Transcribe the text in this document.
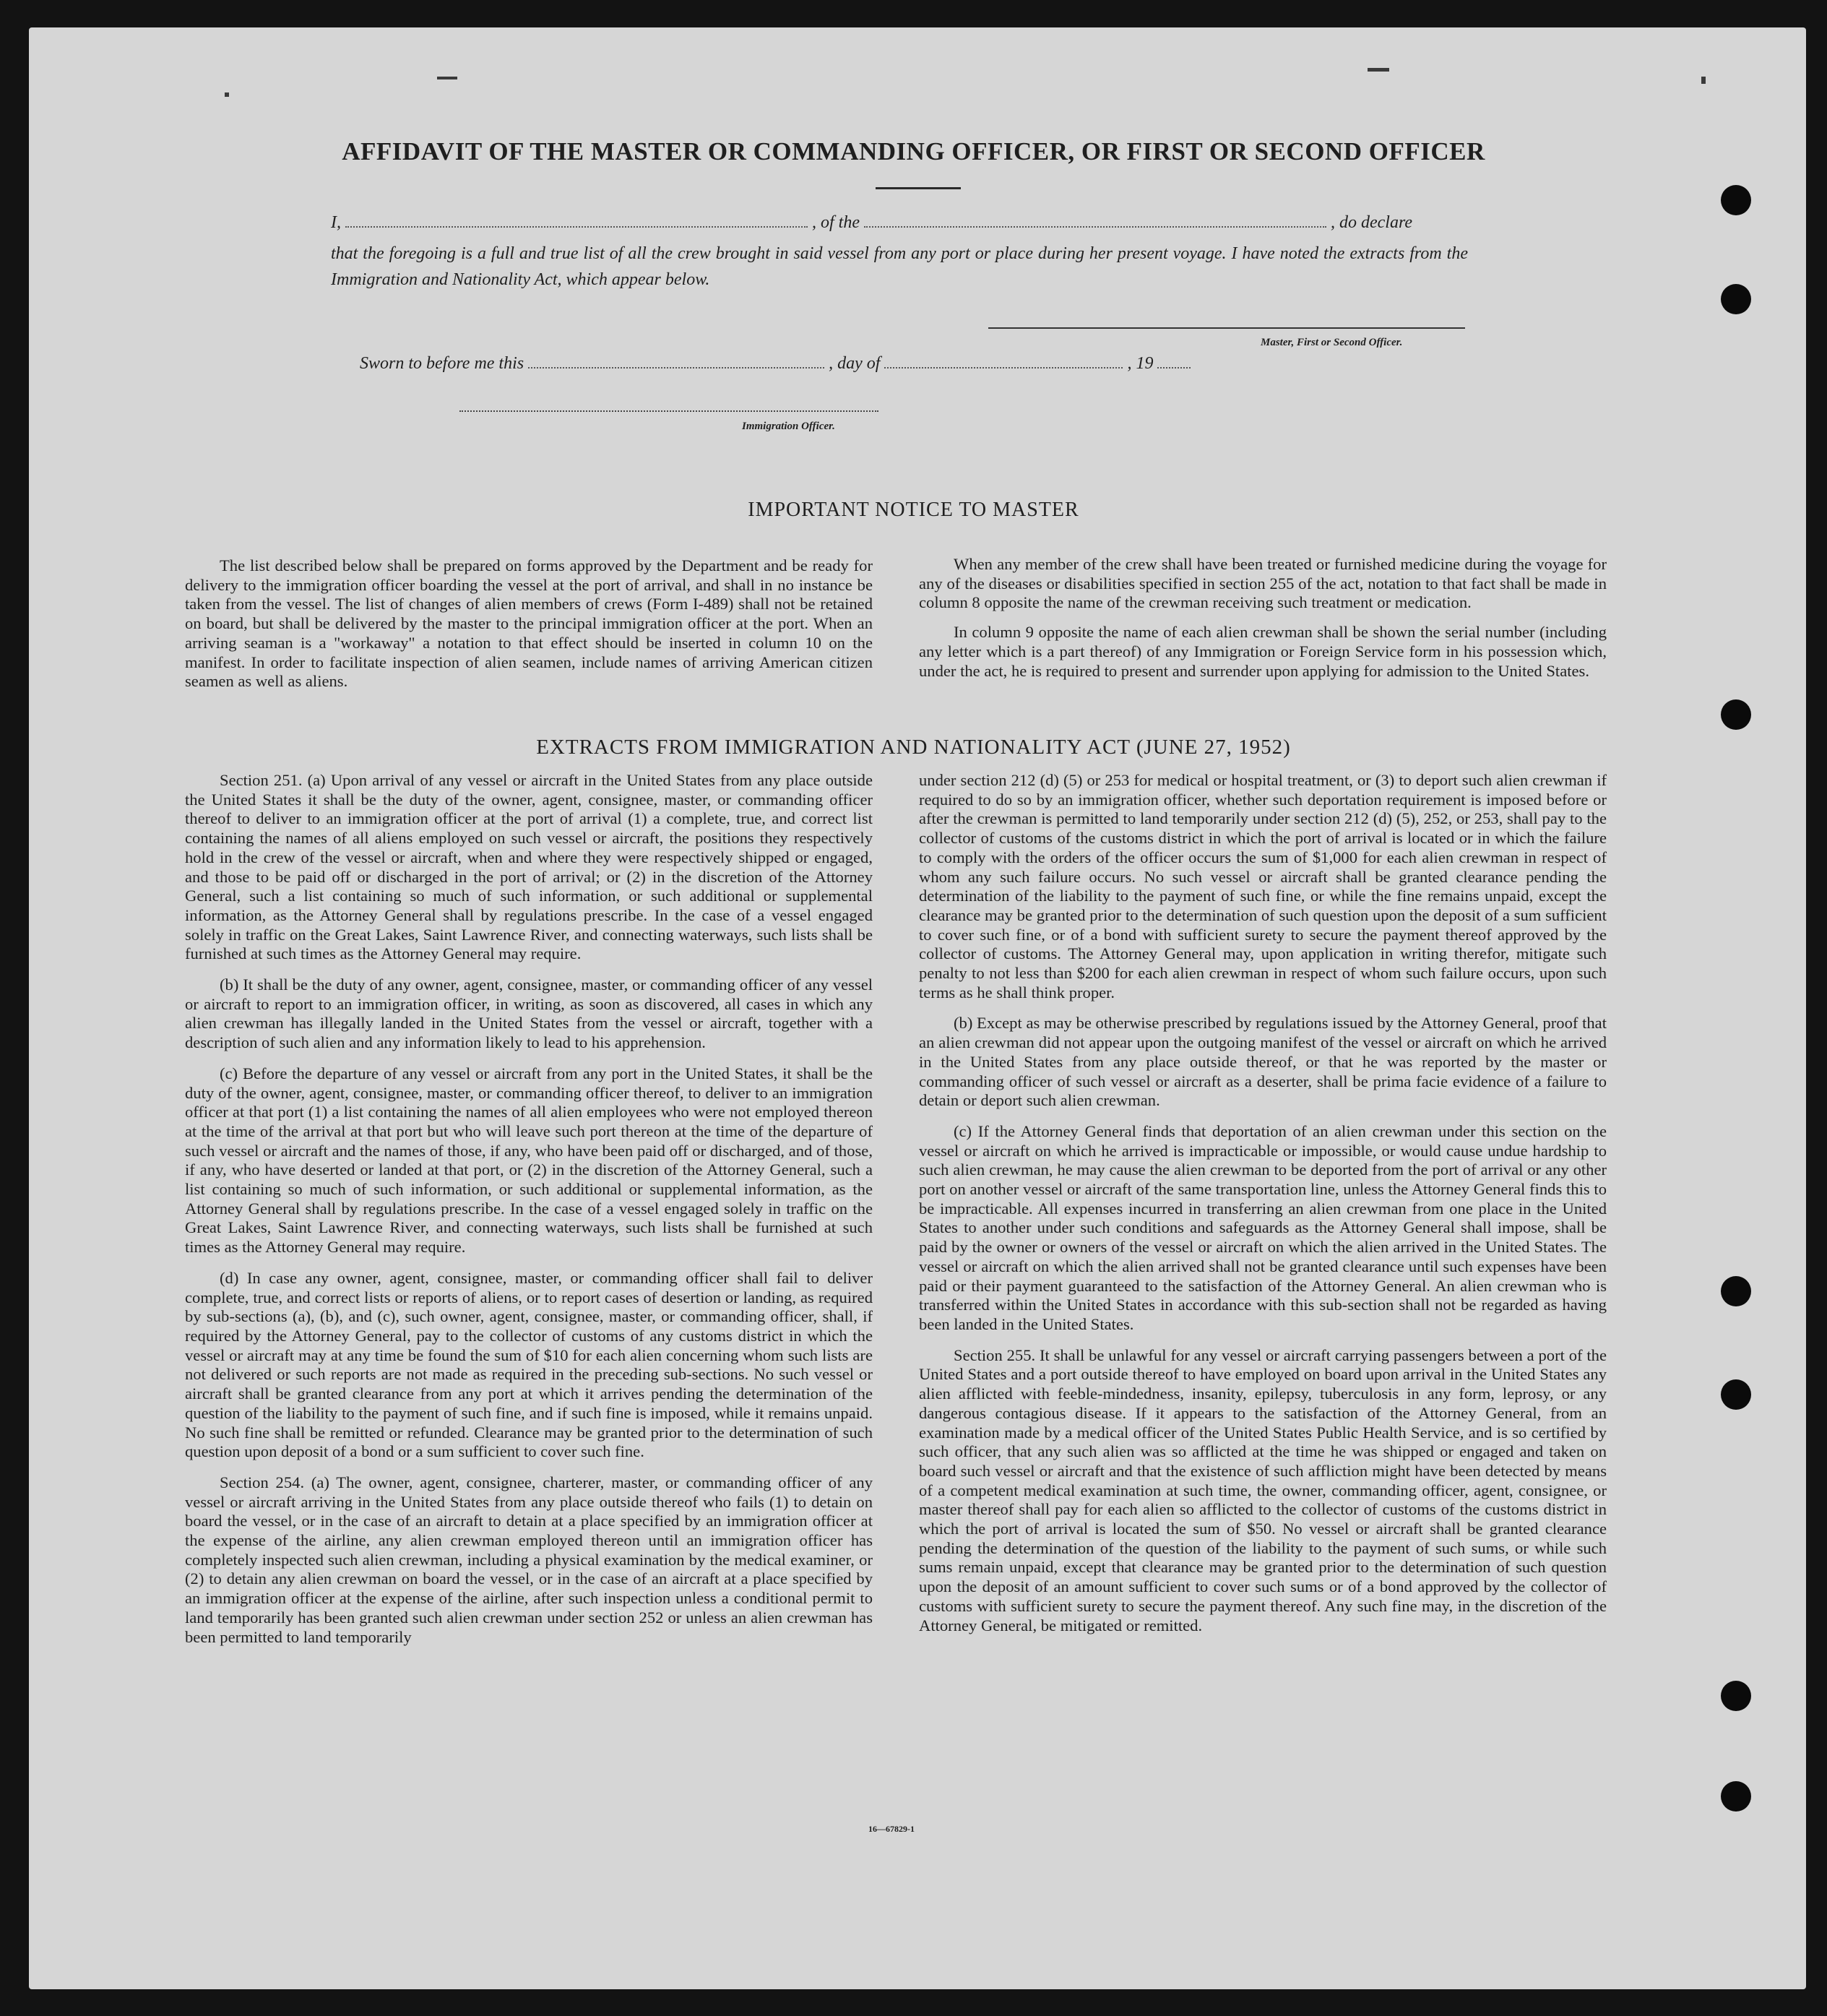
AFFIDAVIT OF THE MASTER OR COMMANDING OFFICER, OR FIRST OR SECOND OFFICER
I,	, of the	, do declare
that the foregoing is a full and true list of all the crew brought in said vessel from any port or place during her present voyage. I have noted the extracts from the Immigration and Nationality Act, which appear below.
Master, First or Second Officer.
Sworn to before me this	, day of	, 19
Immigration Officer.
IMPORTANT NOTICE TO MASTER

The list described below shall be prepared on forms approved by the Department and be ready for delivery to the immigration officer boarding the vessel at the port of arrival, and shall in no instance be taken from the vessel. The list of changes of alien members of crews (Form I-489) shall not be retained on board, but shall be delivered by the master to the principal immigration officer at the port. When an arriving seaman is a "workaway" a notation to that effect should be inserted in column 10 on the manifest. In order to facilitate inspection of alien seamen, include names of arriving American citizen seamen as well as aliens.

When any member of the crew shall have been treated or furnished medicine during the voyage for any of the diseases or disabilities specified in section 255 of the act, notation to that fact shall be made in column 8 opposite the name of the crewman receiving such treatment or medication.

In column 9 opposite the name of each alien crewman shall be shown the serial number (including any letter which is a part thereof) of any Immigration or Foreign Service form in his possession which, under the act, he is required to present and surrender upon applying for admission to the United States.

EXTRACTS FROM IMMIGRATION AND NATIONALITY ACT (JUNE 27, 1952)

Section 251. (a) Upon arrival of any vessel or aircraft in the United States from any place outside the United States it shall be the duty of the owner, agent, consignee, master, or commanding officer thereof to deliver to an immigration officer at the port of arrival (1) a complete, true, and correct list containing the names of all aliens employed on such vessel or aircraft, the positions they respectively hold in the crew of the vessel or aircraft, when and where they were respectively shipped or engaged, and those to be paid off or discharged in the port of arrival; or (2) in the discretion of the Attorney General, such a list containing so much of such information, or such additional or supplemental information, as the Attorney General shall by regulations prescribe. In the case of a vessel engaged solely in traffic on the Great Lakes, Saint Lawrence River, and connecting waterways, such lists shall be furnished at such times as the Attorney General may require.

(b) It shall be the duty of any owner, agent, consignee, master, or commanding officer of any vessel or aircraft to report to an immigration officer, in writing, as soon as discovered, all cases in which any alien crewman has illegally landed in the United States from the vessel or aircraft, together with a description of such alien and any information likely to lead to his apprehension.

(c) Before the departure of any vessel or aircraft from any port in the United States, it shall be the duty of the owner, agent, consignee, master, or commanding officer thereof, to deliver to an immigration officer at that port (1) a list containing the names of all alien employees who were not employed thereon at the time of the arrival at that port but who will leave such port thereon at the time of the departure of such vessel or aircraft and the names of those, if any, who have been paid off or discharged, and of those, if any, who have deserted or landed at that port, or (2) in the discretion of the Attorney General, such a list containing so much of such information, or such additional or supplemental information, as the Attorney General shall by regulations prescribe. In the case of a vessel engaged solely in traffic on the Great Lakes, Saint Lawrence River, and connecting waterways, such lists shall be furnished at such times as the Attorney General may require.

(d) In case any owner, agent, consignee, master, or commanding officer shall fail to deliver complete, true, and correct lists or reports of aliens, or to report cases of desertion or landing, as required by sub-sections (a), (b), and (c), such owner, agent, consignee, master, or commanding officer, shall, if required by the Attorney General, pay to the collector of customs of any customs district in which the vessel or aircraft may at any time be found the sum of $10 for each alien concerning whom such lists are not delivered or such reports are not made as required in the preceding sub-sections. No such vessel or aircraft shall be granted clearance from any port at which it arrives pending the determination of the question of the liability to the payment of such fine, and if such fine is imposed, while it remains unpaid. No such fine shall be remitted or refunded. Clearance may be granted prior to the determination of such question upon deposit of a bond or a sum sufficient to cover such fine.

Section 254. (a) The owner, agent, consignee, charterer, master, or commanding officer of any vessel or aircraft arriving in the United States from any place outside thereof who fails (1) to detain on board the vessel, or in the case of an aircraft to detain at a place specified by an immigration officer at the expense of the airline, any alien crewman employed thereon until an immigration officer has completely inspected such alien crewman, including a physical examination by the medical examiner, or (2) to detain any alien crewman on board the vessel, or in the case of an aircraft at a place specified by an immigration officer at the expense of the airline, after such inspection unless a conditional permit to land temporarily has been granted such alien crewman under section 252 or unless an alien crewman has been permitted to land temporarily

under section 212 (d) (5) or 253 for medical or hospital treatment, or (3) to deport such alien crewman if required to do so by an immigration officer, whether such deportation requirement is imposed before or after the crewman is permitted to land temporarily under section 212 (d) (5), 252, or 253, shall pay to the collector of customs of the customs district in which the port of arrival is located or in which the failure to comply with the orders of the officer occurs the sum of $1,000 for each alien crewman in respect of whom any such failure occurs. No such vessel or aircraft shall be granted clearance pending the determination of the liability to the payment of such fine, or while the fine remains unpaid, except the clearance may be granted prior to the determination of such question upon the deposit of a sum sufficient to cover such fine, or of a bond with sufficient surety to secure the payment thereof approved by the collector of customs. The Attorney General may, upon application in writing therefor, mitigate such penalty to not less than $200 for each alien crewman in respect of whom such failure occurs, upon such terms as he shall think proper.

(b) Except as may be otherwise prescribed by regulations issued by the Attorney General, proof that an alien crewman did not appear upon the outgoing manifest of the vessel or aircraft on which he arrived in the United States from any place outside thereof, or that he was reported by the master or commanding officer of such vessel or aircraft as a deserter, shall be prima facie evidence of a failure to detain or deport such alien crewman.

(c) If the Attorney General finds that deportation of an alien crewman under this section on the vessel or aircraft on which he arrived is impracticable or impossible, or would cause undue hardship to such alien crewman, he may cause the alien crewman to be deported from the port of arrival or any other port on another vessel or aircraft of the same transportation line, unless the Attorney General finds this to be impracticable. All expenses incurred in transferring an alien crewman from one place in the United States to another under such conditions and safeguards as the Attorney General shall impose, shall be paid by the owner or owners of the vessel or aircraft on which the alien arrived in the United States. The vessel or aircraft on which the alien arrived shall not be granted clearance until such expenses have been paid or their payment guaranteed to the satisfaction of the Attorney General. An alien crewman who is transferred within the United States in accordance with this sub-section shall not be regarded as having been landed in the United States.

Section 255. It shall be unlawful for any vessel or aircraft carrying passengers between a port of the United States and a port outside thereof to have employed on board upon arrival in the United States any alien afflicted with feeble-mindedness, insanity, epilepsy, tuberculosis in any form, leprosy, or any dangerous contagious disease. If it appears to the satisfaction of the Attorney General, from an examination made by a medical officer of the United States Public Health Service, and is so certified by such officer, that any such alien was so afflicted at the time he was shipped or engaged and taken on board such vessel or aircraft and that the existence of such affliction might have been detected by means of a competent medical examination at such time, the owner, commanding officer, agent, consignee, or master thereof shall pay for each alien so afflicted to the collector of customs of the customs district in which the port of arrival is located the sum of $50. No vessel or aircraft shall be granted clearance pending the determination of the question of the liability to the payment of such sums, or while such sums remain unpaid, except that clearance may be granted prior to the determination of such question upon the deposit of an amount sufficient to cover such sums or of a bond approved by the collector of customs with sufficient surety to secure the payment thereof. Any such fine may, in the discretion of the Attorney General, be mitigated or remitted.

16—67829-1
